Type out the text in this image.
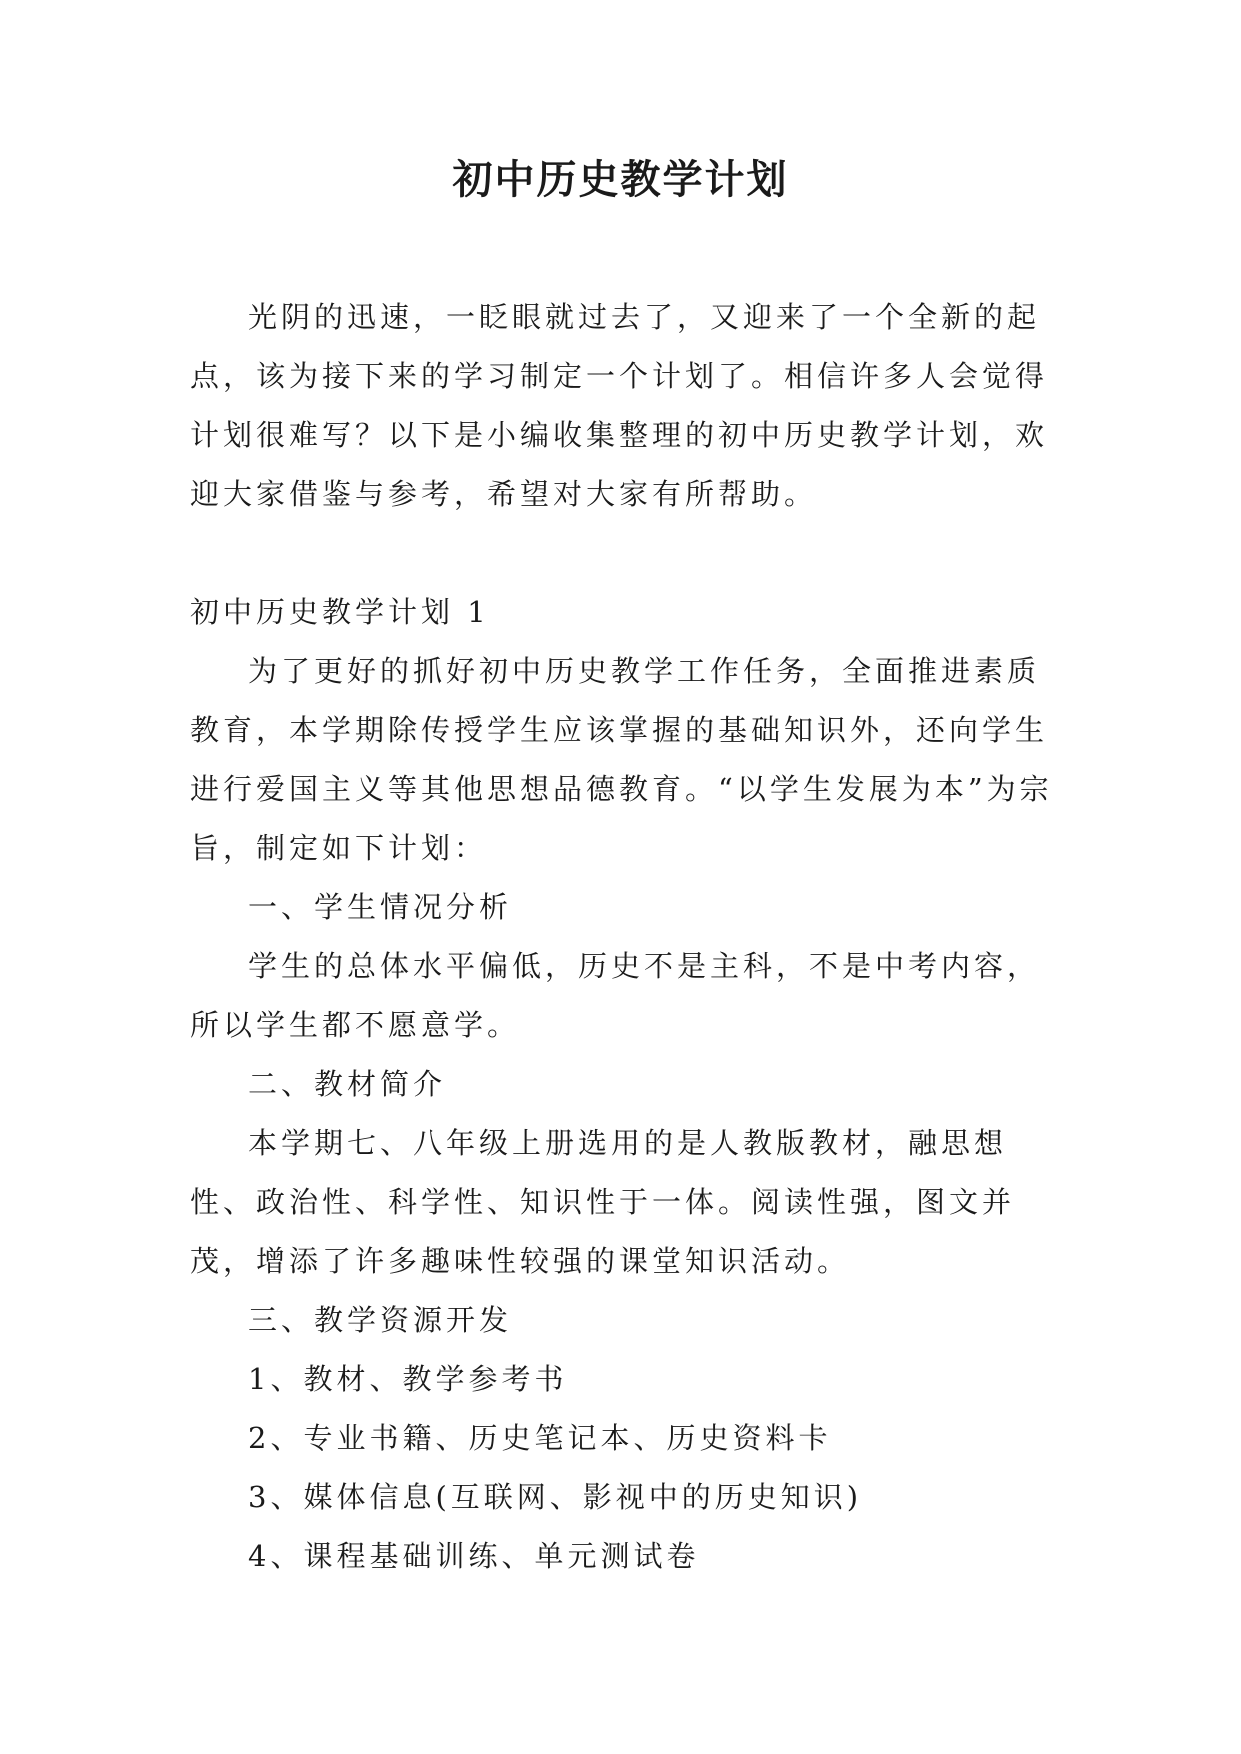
初中历史教学计划

光阴的迅速，一眨眼就过去了，又迎来了一个全新的起点，该为接下来的学习制定一个计划了。相信许多人会觉得计划很难写？以下是小编收集整理的初中历史教学计划，欢迎大家借鉴与参考，希望对大家有所帮助。

初中历史教学计划 1

为了更好的抓好初中历史教学工作任务，全面推进素质教育，本学期除传授学生应该掌握的基础知识外，还向学生进行爱国主义等其他思想品德教育。“以学生发展为本”为宗旨，制定如下计划：

一、学生情况分析

学生的总体水平偏低，历史不是主科，不是中考内容，所以学生都不愿意学。

二、教材简介

本学期七、八年级上册选用的是人教版教材，融思想性、政治性、科学性、知识性于一体。阅读性强，图文并茂，增添了许多趣味性较强的课堂知识活动。

三、教学资源开发

1、教材、教学参考书

2、专业书籍、历史笔记本、历史资料卡

3、媒体信息(互联网、影视中的历史知识)

4、课程基础训练、单元测试卷
